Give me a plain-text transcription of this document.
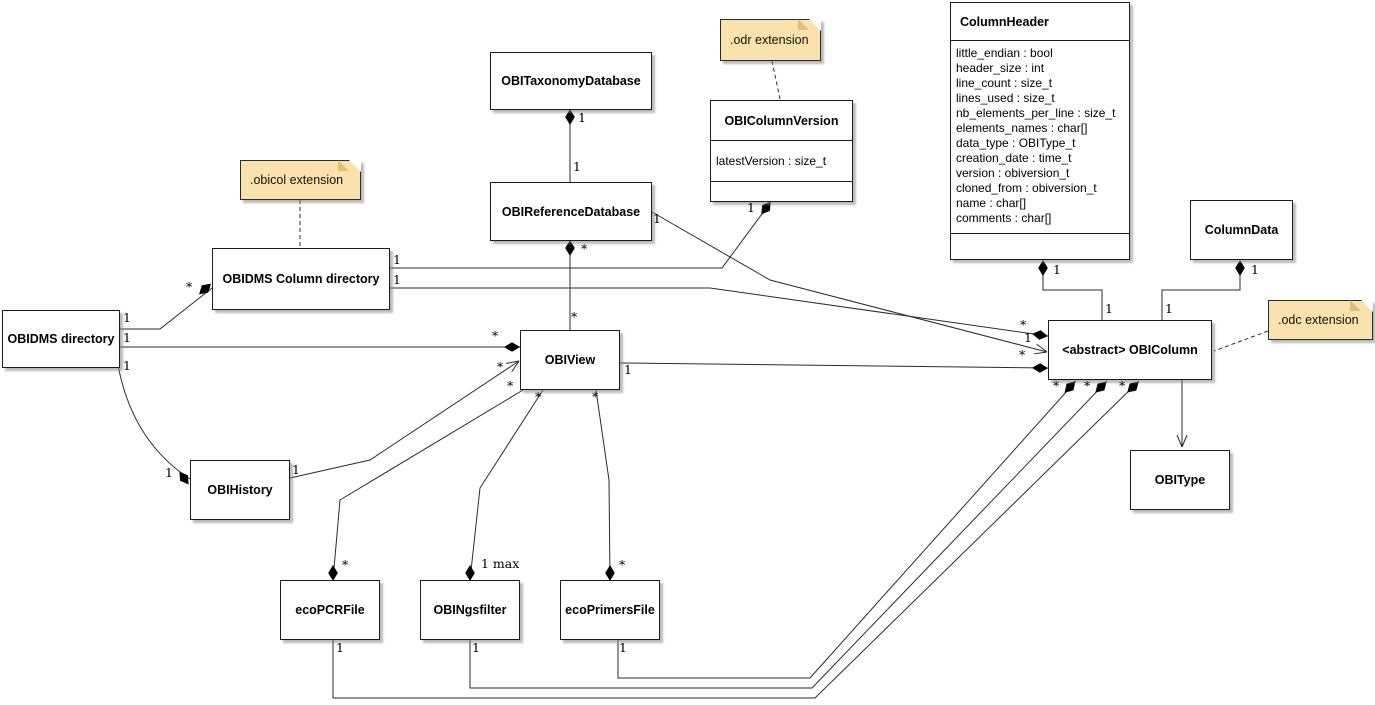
OBITaxonomyDatabase
OBIReferenceDatabase
OBIColumnVersion
latestVersion : size_t
ColumnHeader
little_endian : bool
header_size : int
line_count : size_t
lines_used : size_t
nb_elements_per_line : size_t
elements_names : char[]
data_type : OBIType_t
creation_date : time_t
version : obiversion_t
cloned_from : obiversion_t
name : char[]
comments : char[]
ColumnData
OBIDMS Column directory
OBIDMS directory
OBIView
OBIHistory
ecoPCRFile	OBINgsfilter	ecoPrimersFile
<abstract> OBIColumn
OBIType
.obicol extension
.odr extension
.odc extension
1
1
*
*
1
1
1
*
1
1
1
*
1	*
1
1	1
*
*
*
*
1 max
*
*
1
*
1
*
1
*
1
*
1
1
1
1
